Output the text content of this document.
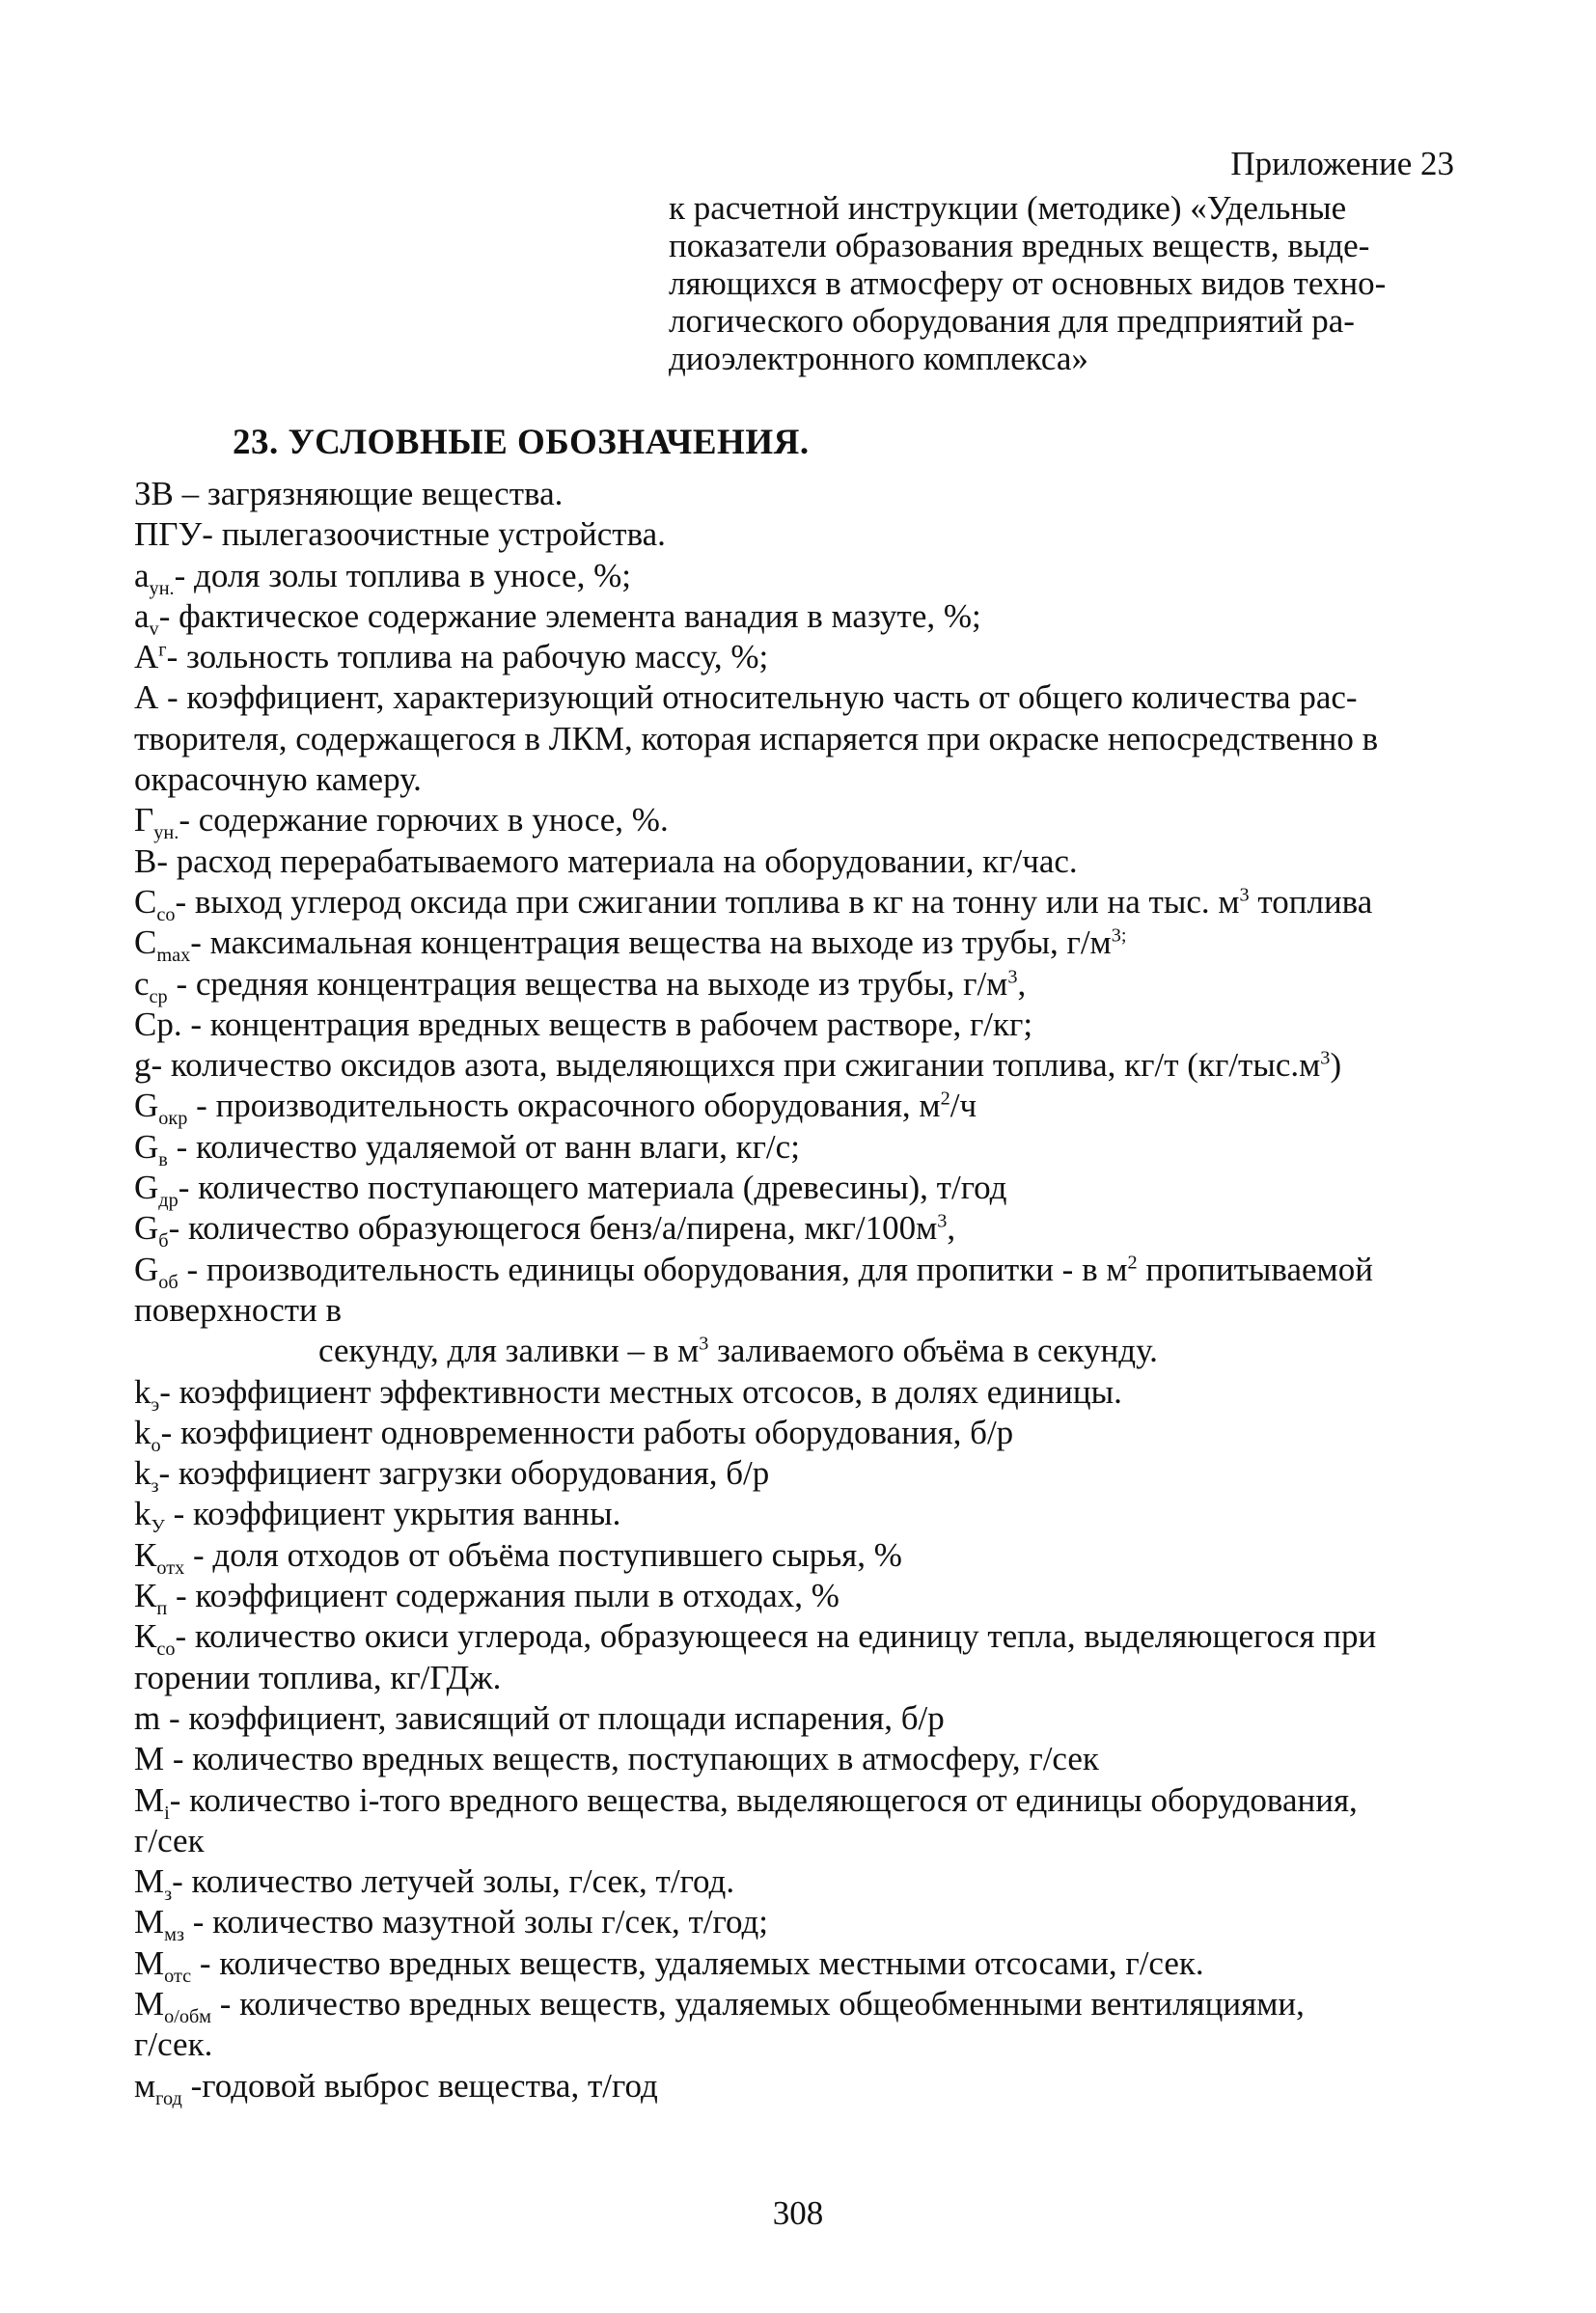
Приложение 23

к расчетной инструкции (методике) «Удельные
показатели образования вредных веществ, выде-
ляющихся в атмосферу от основных видов техно-
логического оборудования для предприятий ра-
диоэлектронного комплекса»

23. УСЛОВНЫЕ ОБОЗНАЧЕНИЯ.

ЗВ – загрязняющие вещества.

ПГУ- пылегазоочистные устройства.

$а_{ун.}-$ доля золы топлива в уносе, %;

$а_v-$ фактическое содержание элемента ванадия в мазуте, %;

$А^г-$ зольность топлива на рабочую массу, %;

А - коэффициент, характеризующий относительную часть от общего количества рас-

творителя, содержащегося в ЛКМ, которая испаряется при окраске непосредственно в

окрасочную камеру.

$Г_{ун.}-$ содержание горючих в уносе, %.

В- расход перерабатываемого материала на оборудовании, кг/час.

$С_{со}-$ выход углерод оксида при сжигании топлива в кг на тонну или на тыс. $м^3$ топлива

$С_{max}-$ максимальная концентрация вещества на выходе из трубы, $г/м^{3;}$

$с_{ср}$ - средняя концентрация вещества на выходе из трубы, $г/м^3$,

Ср. - концентрация вредных веществ в рабочем растворе, г/кг;

g- количество оксидов азота, выделяющихся при сжигании топлива, кг/т $(кг/тыс.м^3)$

$G_{окр}$ - производительность окрасочного оборудования, $м^2/ч$

$G_в$ - количество удаляемой от ванн влаги, кг/с;

$G_{др}-$ количество поступающего материала (древесины), т/год

$G_б-$ количество образующегося бенз/а/пирена, мкг/$100м^3$,

$G_{об}$ - производительность единицы оборудования, для пропитки - в $м^2$ пропитываемой

поверхности в

секунду, для заливки – в $м^3$ заливаемого объёма в секунду.

$k_э-$ коэффициент эффективности местных отсосов, в долях единицы.

$k_о-$ коэффициент одновременности работы оборудования, б/р

$k_з-$ коэффициент загрузки оборудования, б/р

$k_У$ - коэффициент укрытия ванны.

$К_{отх}$ - доля отходов от объёма поступившего сырья, %

$К_п$ - коэффициент содержания пыли в отходах, %

$К_{со}-$ количество окиси углерода, образующееся на единицу тепла, выделяющегося при

горении топлива, кг/ГДж.

m - коэффициент, зависящий от площади испарения, б/р

М - количество вредных веществ, поступающих в атмосферу, г/сек

$М_i-$ количество i-того вредного вещества, выделяющегося от единицы оборудования,

г/сек

$М_з-$ количество летучей золы, г/сек, т/год.

$М_{мз}$ - количество мазутной золы г/сек, т/год;

$М_{отс}$ - количество вредных веществ, удаляемых местными отсосами, г/сек.

$М_{о/обм}$ - количество вредных веществ, удаляемых общеобменными вентиляциями,

г/сек.

$м_{год}$ -годовой выброс вещества, т/год

308
